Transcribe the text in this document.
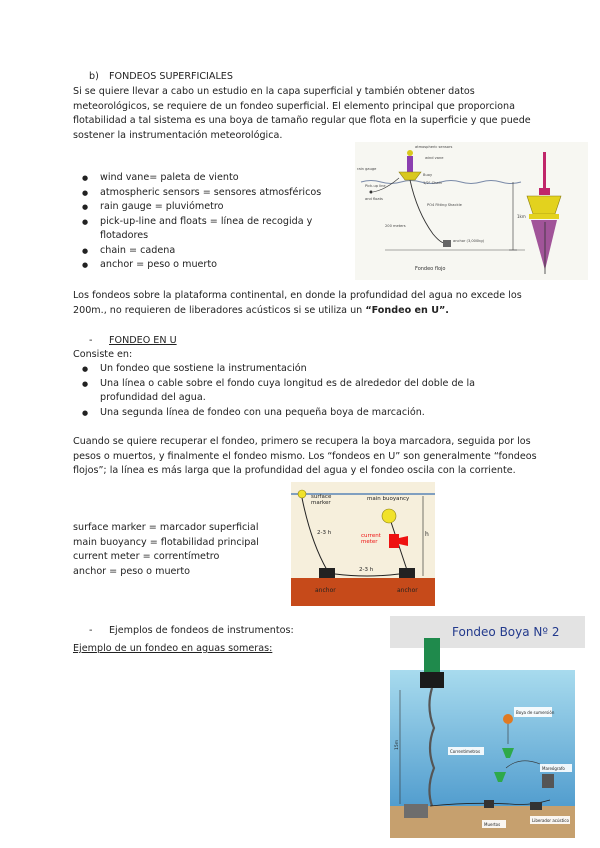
b) FONDEOS SUPERFICIALES
Si se quiere llevar a cabo un estudio en la capa superficial y también obtener datos meteorológicos, se requiere de un fondeo superficial. El elemento principal que proporciona flotabilidad a tal sistema es una boya de tamaño regular que flota en la superficie y que puede sostener la instrumentación meteorológica.
● wind vane= paleta de viento
● atmospheric sensors = sensores atmosféricos
● rain gauge = pluviómetro
● pick-up-line and floats = línea de recogida y flotadores
● chain = cadena
● anchor = peso o muerto
atmospheric sensors
wind vane
rain gauge
Pick-up line
and floats
Buoy
1/2" Chain
PO4 Fitting Shackle
200 meters
anchor (3,000kg)
1km
Fondeo flojo
Los fondeos sobre la plataforma continental, en donde la profundidad del agua no excede los 200m., no requieren de liberadores acústicos si se utiliza un “Fondeo en U”.
- FONDEO EN U
Consiste en:
● Un fondeo que sostiene la instrumentación
● Una línea o cable sobre el fondo cuya longitud es de alrededor del doble de la profundidad del agua.
● Una segunda línea de fondeo con una pequeña boya de marcación.
Cuando se quiere recuperar el fondeo, primero se recupera la boya marcadora, seguida por los pesos o muertos, y finalmente el fondeo mismo. Los “fondeos en U” son generalmente “fondeos flojos”; la línea es más larga que la profundidad del agua y el fondeo oscila con la corriente.
surface marker = marcador superficial
main buoyancy = flotabilidad principal
current meter = correntímetro
anchor = peso o muerto
surface
marker
main buoyancy
current
meter
2-3 h
2-3 h
h
anchor	anchor
- Ejemplos de fondeos de instrumentos:
Ejemplo de un fondeo en aguas someras:
Fondeo Boya Nº 2
15m
Boya de sumersión
Correntímetros
Mareógrafo
Muertos
Liberador acústico
